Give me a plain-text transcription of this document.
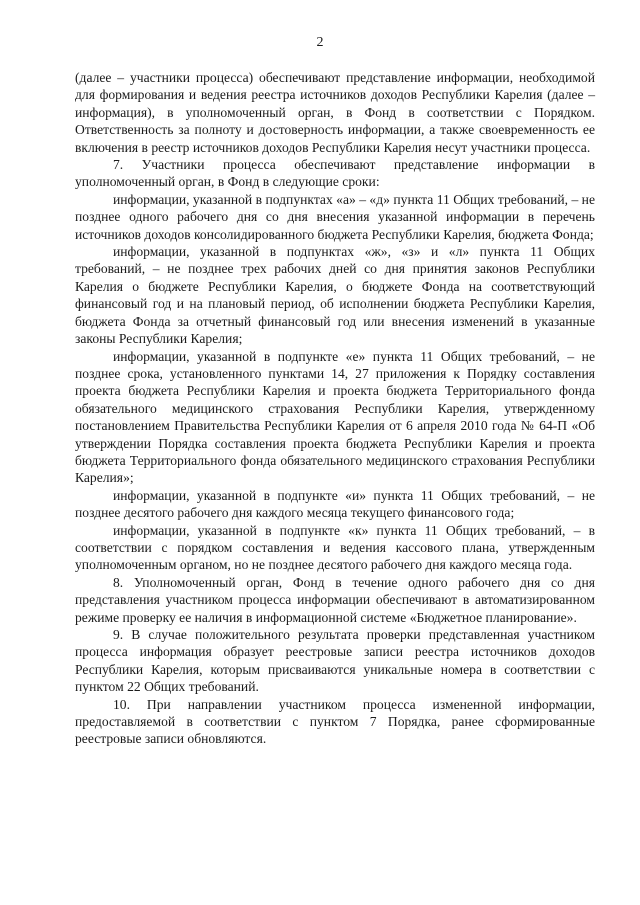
2

(далее – участники процесса) обеспечивают представление информации, необходимой для формирования и ведения реестра источников доходов Республики Карелия (далее – информация), в уполномоченный орган, в Фонд в соответствии с Порядком. Ответственность за полноту и достоверность информации, а также своевременность ее включения в реестр источников доходов Республики Карелия несут участники процесса.

7. Участники процесса обеспечивают представление информации в уполномоченный орган, в Фонд в следующие сроки:

информации, указанной в подпунктах «а» – «д» пункта 11 Общих требований, – не позднее одного рабочего дня со дня внесения указанной информации в перечень источников доходов консолидированного бюджета Республики Карелия, бюджета Фонда;

информации, указанной в подпунктах «ж», «з» и «л» пункта 11 Общих требований, – не позднее трех рабочих дней со дня принятия законов Республики Карелия о бюджете Республики Карелия, о бюджете Фонда на соответствующий финансовый год и на плановый период, об исполнении бюджета Республики Карелия, бюджета Фонда за отчетный финансовый год или внесения изменений в указанные законы Республики Карелия;

информации, указанной в подпункте «е» пункта 11 Общих требований, – не позднее срока, установленного пунктами 14, 27 приложения к Порядку составления проекта бюджета Республики Карелия и проекта бюджета Территориального фонда обязательного медицинского страхования Республики Карелия, утвержденному постановлением Правительства Республики Карелия от 6 апреля 2010 года № 64-П «Об утверждении Порядка составления проекта бюджета Республики Карелия и проекта бюджета Территориального фонда обязательного медицинского страхования Республики Карелия»;

информации, указанной в подпункте «и» пункта 11 Общих требований, – не позднее десятого рабочего дня каждого месяца текущего финансового года;

информации, указанной в подпункте «к» пункта 11 Общих требований, – в соответствии с порядком составления и ведения кассового плана, утвержденным уполномоченным органом, но не позднее десятого рабочего дня каждого месяца года.

8. Уполномоченный орган, Фонд в течение одного рабочего дня со дня представления участником процесса информации обеспечивают в автоматизированном режиме проверку ее наличия в информационной системе «Бюджетное планирование».

9. В случае положительного результата проверки представленная участником процесса информация образует реестровые записи реестра источников доходов Республики Карелия, которым присваиваются уникальные номера в соответствии с пунктом 22 Общих требований.

10. При направлении участником процесса измененной информации, предоставляемой в соответствии с пунктом 7 Порядка, ранее сформированные реестровые записи обновляются.
